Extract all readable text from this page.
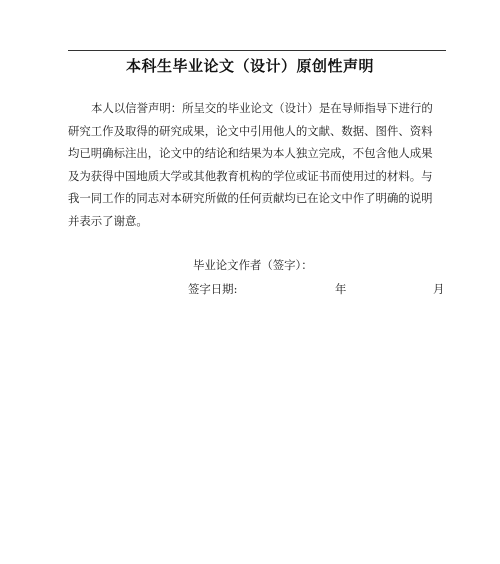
本科生毕业论文（设计）原创性声明
本人以信誉声明：所呈交的毕业论文（设计）是在导师指导下进行的
研究工作及取得的研究成果，论文中引用他人的文献、数据、图件、资料
均已明确标注出，论文中的结论和结果为本人独立完成，不包含他人成果
及为获得中国地质大学或其他教育机构的学位或证书而使用过的材料。与
我一同工作的同志对本研究所做的任何贡献均已在论文中作了明确的说明
并表示了谢意。
毕业论文作者（签字）：
签字日期:	年	月
